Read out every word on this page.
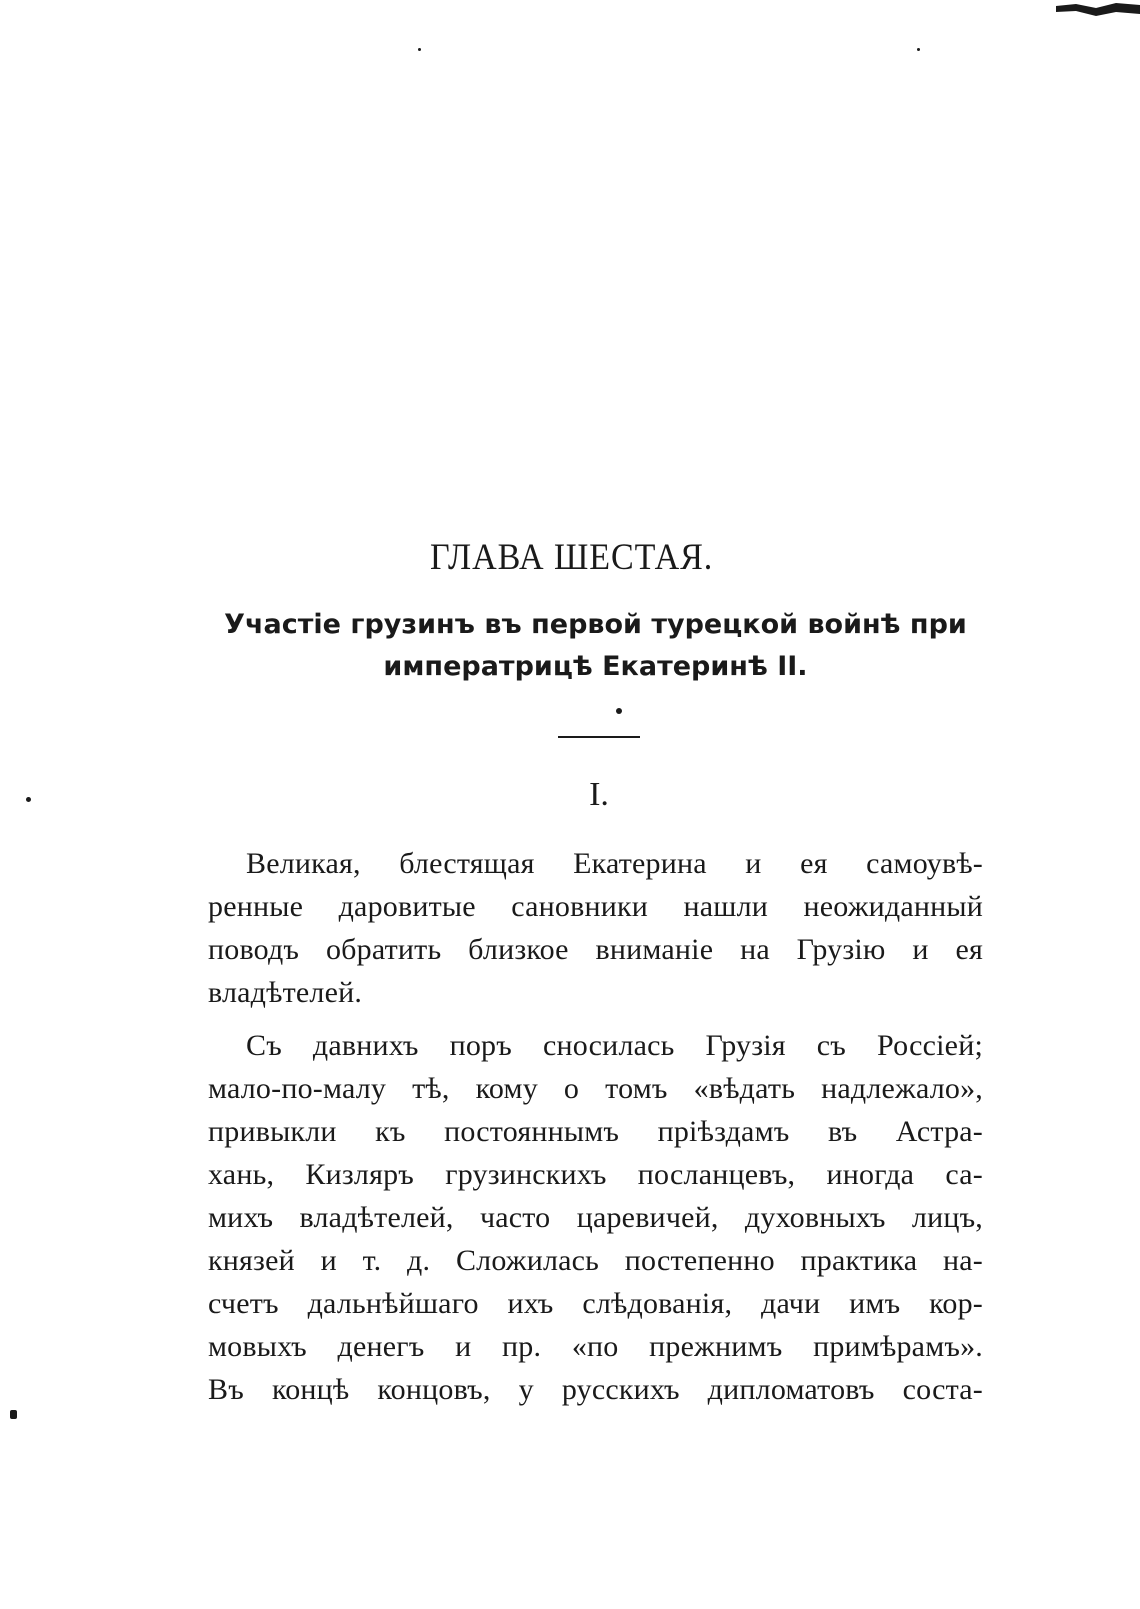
ГЛАВА ШЕСТАЯ.
Участіе грузинъ въ первой турецкой войнѣ при
императрицѣ Екатеринѣ II.
I.
Великая, блестящая Екатерина и ея самоувѣ-
ренные даровитые сановники нашли неожиданный
поводъ обратить близкое вниманіе на Грузію и ея
владѣтелей.
Съ давнихъ поръ сносилась Грузія съ Россіей;
мало-по-малу тѣ, кому о томъ «вѣдать надлежало»,
привыкли къ постояннымъ пріѣздамъ въ Астра-
хань, Кизляръ грузинскихъ посланцевъ, иногда са-
михъ владѣтелей, часто царевичей, духовныхъ лицъ,
князей и т. д. Сложилась постепенно практика на-
счетъ дальнѣйшаго ихъ слѣдованія, дачи имъ кор-
мовыхъ денегъ и пр. «по прежнимъ примѣрамъ».
Въ концѣ концовъ, у русскихъ дипломатовъ соста-
